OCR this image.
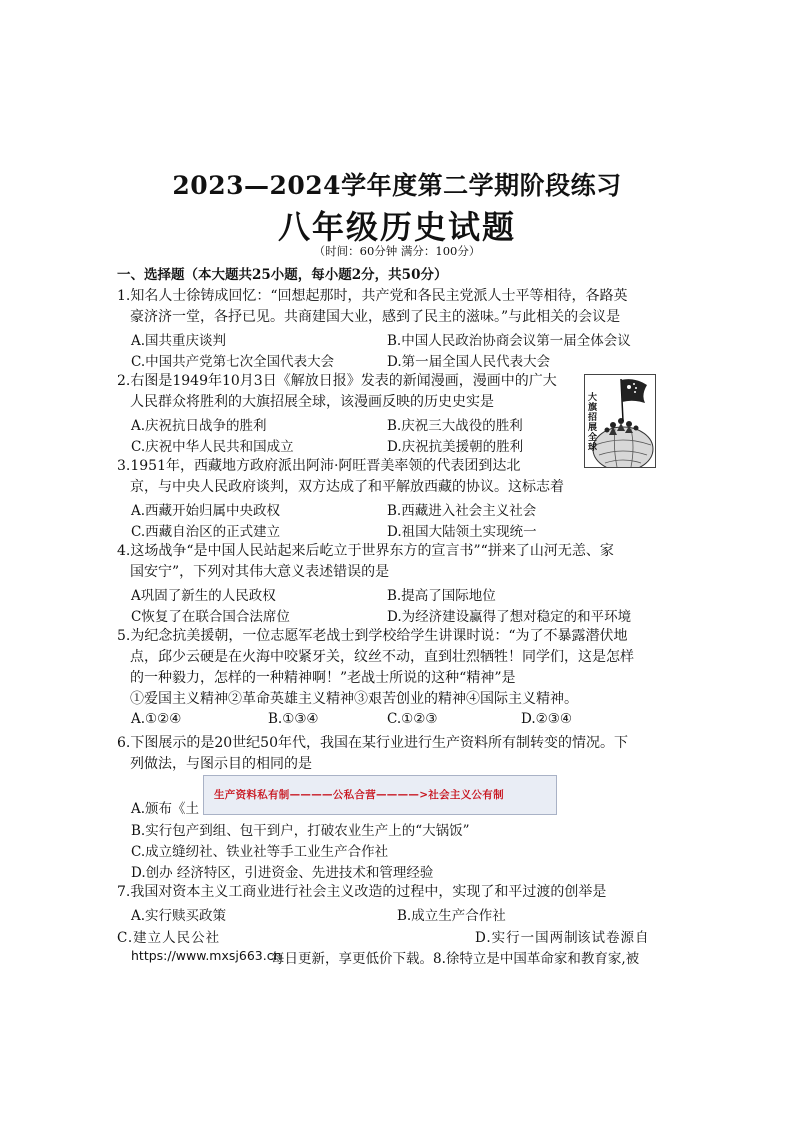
2023—2024学年度第二学期阶段练习
八年级历史试题
（时间：60分钟 满分：100分）
一、选择题（本大题共25小题，每小题2分，共50分）
1.知名人士徐铸成回忆：“回想起那时，共产党和各民主党派人士平等相待，各路英
豪济济一堂，各抒已见。共商建国大业，感到了民主的滋味。”与此相关的会议是
A.国共重庆谈判	B.中国人民政治协商会议第一届全体会议
C.中国共产党第七次全国代表大会	D.第一届全国人民代表大会
2.右图是1949年10月3日《解放日报》发表的新闻漫画，漫画中的广大
人民群众将胜利的大旗招展全球，该漫画反映的历史史实是
A.庆祝抗日战争的胜利	B.庆祝三大战役的胜利
C.庆祝中华人民共和国成立	D.庆祝抗美援朝的胜利
大旗招展全球
3.1951年，西藏地方政府派出阿沛·阿旺晋美率领的代表团到达北
京，与中央人民政府谈判，双方达成了和平解放西藏的协议。这标志着
A.西藏开始归属中央政权	B.西藏进入社会主义社会
C.西藏自治区的正式建立	D.祖国大陆领土实现统一
4.这场战争“是中国人民站起来后屹立于世界东方的宣言书”“拼来了山河无恙、家
国安宁”，下列对其伟大意义表述错误的是
A巩固了新生的人民政权	B.提高了国际地位
C恢复了在联合国合法席位	D.为经济建设赢得了想对稳定的和平环境
5.为纪念抗美援朝，一位志愿军老战士到学校给学生讲课时说：“为了不暴露潜伏地
点，邱少云硬是在火海中咬紧牙关，纹丝不动，直到壮烈牺牲！同学们，这是怎样
的一种毅力，怎样的一种精神啊！”老战士所说的这种“精神”是
①爱国主义精神②革命英雄主义精神③艰苦创业的精神④国际主义精神。
A.①②④	B.①③④	C.①②③	D.②③④
6.下图展示的是20世纪50年代，我国在某行业进行生产资料所有制转变的情况。下
列做法，与图示目的相同的是
A.颁布《土
生产资料私有制————公私合营————>社会主义公有制
B.实行包产到组、包干到户，打破农业生产上的“大锅饭”
C.成立缝纫社、铁业社等手工业生产合作社
D.创办 经济特区，引进资金、先进技术和管理经验
7.我国对资本主义工商业进行社会主义改造的过程中，实现了和平过渡的创举是
A.实行赎买政策	B.成立生产合作社
C.建立人民公社	D.实行一国两制
该试卷源自
https://www.mxsj663.cn
每日更新，享更低价下载。8.徐特立是中国革命家和教育家,被
